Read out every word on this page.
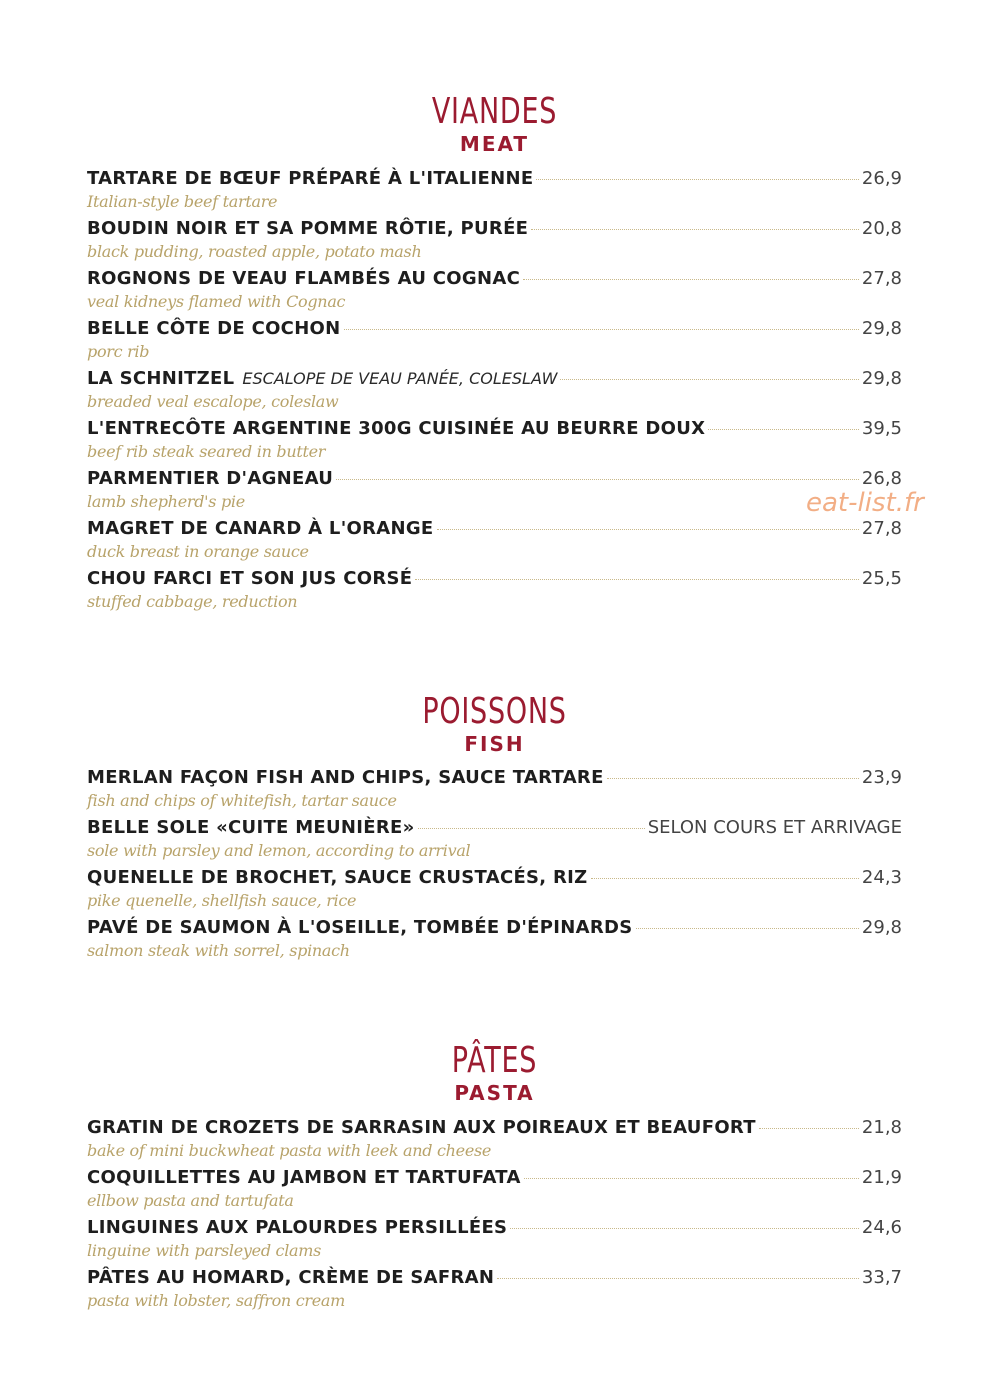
VIANDES
MEAT
TARTARE DE BŒUF PRÉPARÉ À L'ITALIENNE	26,9
Italian-style beef tartare
BOUDIN NOIR ET SA POMME RÔTIE, PURÉE	20,8
black pudding, roasted apple, potato mash
ROGNONS DE VEAU FLAMBÉS AU COGNAC	27,8
veal kidneys flamed with Cognac
BELLE CÔTE DE COCHON	29,8
porc rib
LA SCHNITZEL ESCALOPE DE VEAU PANÉE, COLESLAW	29,8
breaded veal escalope, coleslaw
L'ENTRECÔTE ARGENTINE 300G CUISINÉE AU BEURRE DOUX	39,5
beef rib steak seared in butter
PARMENTIER D'AGNEAU	26,8
lamb shepherd's pie
MAGRET DE CANARD À L'ORANGE	27,8
duck breast in orange sauce
CHOU FARCI ET SON JUS CORSÉ	25,5
stuffed cabbage, reduction
POISSONS
FISH
MERLAN FAÇON FISH AND CHIPS, SAUCE TARTARE	23,9
fish and chips of whitefish, tartar sauce
BELLE SOLE «CUITE MEUNIÈRE»	SELON COURS ET ARRIVAGE
sole with parsley and lemon, according to arrival
QUENELLE DE BROCHET, SAUCE CRUSTACÉS, RIZ	24,3
pike quenelle, shellfish sauce, rice
PAVÉ DE SAUMON À L'OSEILLE, TOMBÉE D'ÉPINARDS	29,8
salmon steak with sorrel, spinach
PÂTES
PASTA
GRATIN DE CROZETS DE SARRASIN AUX POIREAUX ET BEAUFORT	21,8
bake of mini buckwheat pasta with leek and cheese
COQUILLETTES AU JAMBON ET TARTUFATA	21,9
ellbow pasta and tartufata
LINGUINES AUX PALOURDES PERSILLÉES	24,6
linguine with parsleyed clams
PÂTES AU HOMARD, CRÈME DE SAFRAN	33,7
pasta with lobster, saffron cream
eat-list.fr
